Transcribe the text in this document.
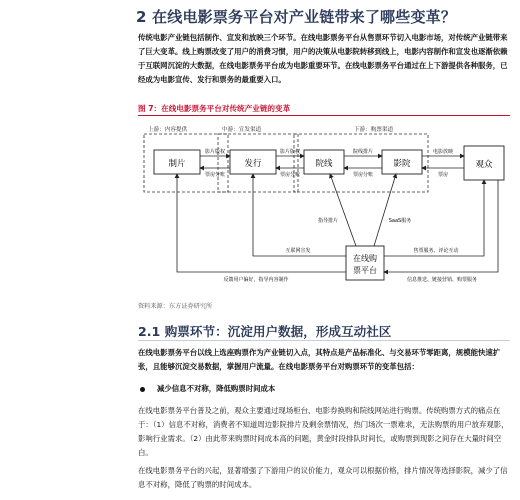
2 在线电影票务平台对产业链带来了哪些变革？
传统电影产业链包括制作、宣发和放映三个环节。在线电影票务平台从售票环节切入电影市场，对传统产业链带来了巨大变革。线上购票改变了用户的消费习惯，用户的决策从电影院转移到线上，电影内容制作和宣发也逐渐依赖于互联网沉淀的大数据，在线电影票务平台成为电影重要环节。在线电影票务平台通过在上下游提供各种服务，已经成为电影宣传、发行和票务的最重要入口。
图 7：在线电影票务平台对传统产业链的变革
上游：内容提供	中游：宣发渠道	下游：购票渠道
制片	发行	院线	影院	观众
在线购
票平台
影片版权
票房分账
影片版权
票房分账
院线排片
票房分账
电影放映
票房
指导排片	SaaS服务
互联网宣发	售票服务、评论互动
反馈用户偏好，指导内容制作	信息推送、链接营销、购票服务
资料来源：东方证券研究所
2.1 购票环节：沉淀用户数据，形成互动社区
在线电影票务平台以线上选座购票作为产业链切入点，其特点是产品标准化、与交易环节零距离，规模能快速扩张，且能够沉淀交易数据，掌握用户流量。在线电影票务平台对购票环节的变革包括：
减少信息不对称，降低购票时间成本
在线电影票务平台普及之前，观众主要通过现场柜台、电影券换购和院线网站进行购票。传统购票方式的痛点在于：（1）信息不对称，消费者不知道周边影院排片及剩余票情况，热门场次一票难求，无法购票的用户放弃观影，影响行业需求。（2）由此带来购票时间成本高的问题，黄金时段排队时间长，或购票到现影之间存在大量时间空白。
在线电影票务平台的兴起，显著增强了下游用户的议价能力，观众可以根据价格，排片情况等选择影院，减少了信息不对称，降低了购票的时间成本。
